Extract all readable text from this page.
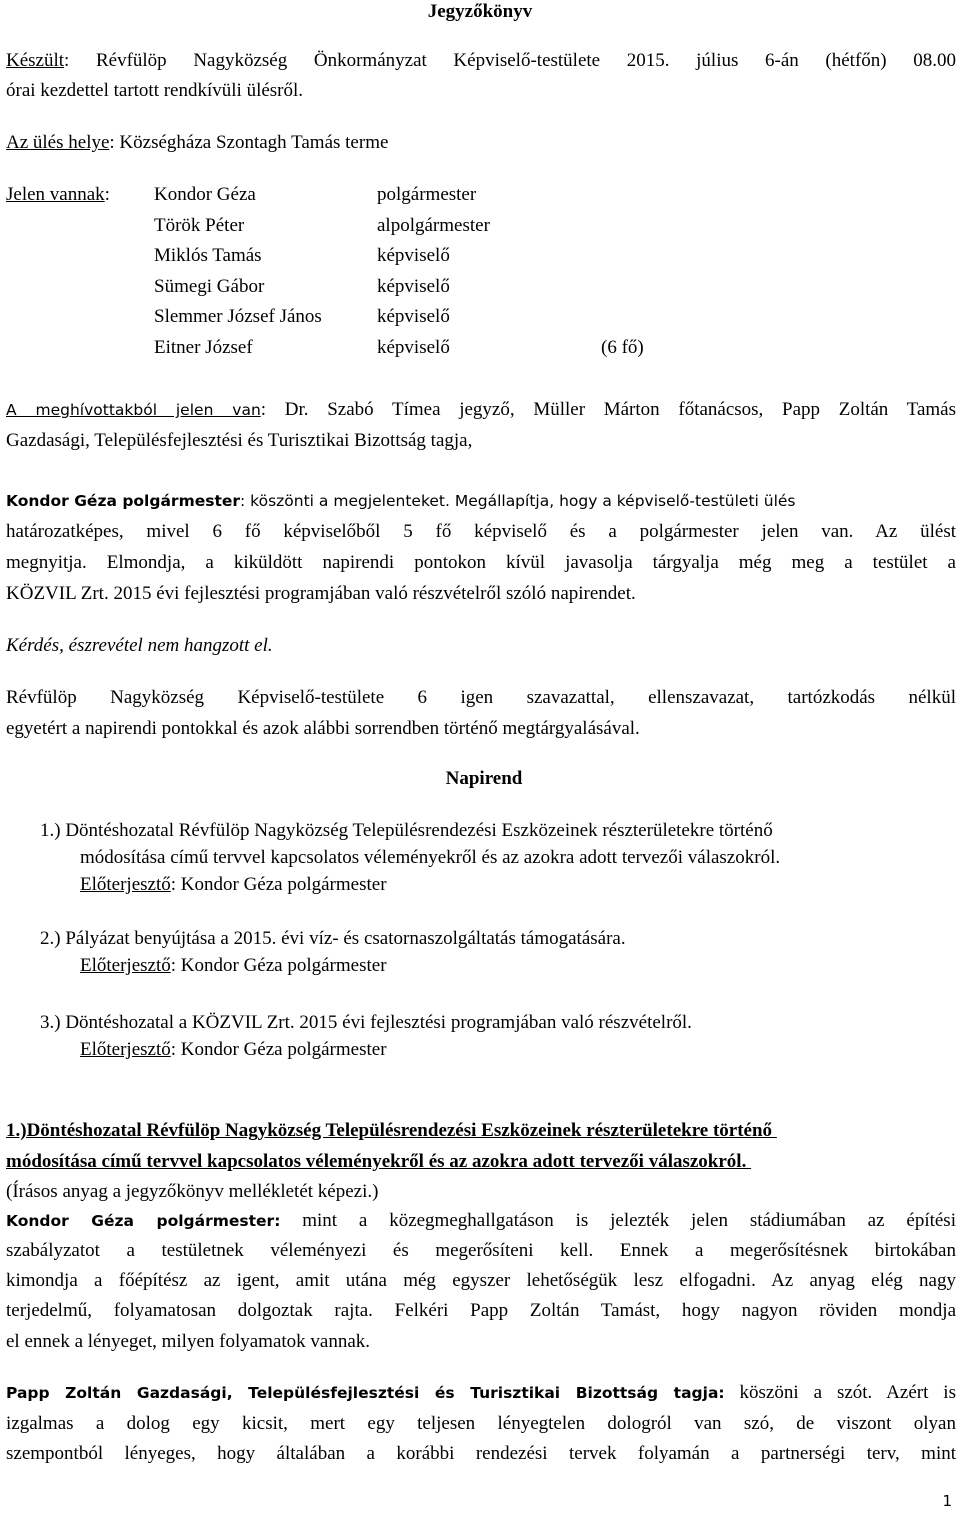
Jegyzőkönyv
Készült: Révfülöp Nagyközség Önkormányzat Képviselő-testülete 2015. július 6-án (hétfőn) 08.00
órai kezdettel tartott rendkívüli ülésről.
Az ülés helye: Községháza Szontagh Tamás terme
Jelen vannak: Kondor Géza	polgármester
Török Péter	alpolgármester
Miklós Tamás	képviselő
Sümegi Gábor	képviselő
Slemmer József János	képviselő
Eitner József	képviselő	(6 fő)
A meghívottakból jelen van: Dr. Szabó Tímea jegyző, Müller Márton főtanácsos, Papp Zoltán Tamás
Gazdasági, Településfejlesztési és Turisztikai Bizottság tagja,
Kondor Géza polgármester: köszönti a megjelenteket. Megállapítja, hogy a képviselő-testületi ülés
határozatképes, mivel 6 fő képviselőből 5 fő képviselő és a polgármester jelen van. Az ülést
megnyitja. Elmondja, a kiküldött napirendi pontokon kívül javasolja tárgyalja még meg a testület a
KÖZVIL Zrt. 2015 évi fejlesztési programjában való részvételről szóló napirendet.
Kérdés, észrevétel nem hangzott el.
Révfülöp Nagyközség Képviselő-testülete 6 igen szavazattal, ellenszavazat, tartózkodás nélkül
egyetért a napirendi pontokkal és azok alábbi sorrendben történő megtárgyalásával.
Napirend
1.) Döntéshozatal Révfülöp Nagyközség Településrendezési Eszközeinek részterületekre történő
módosítása című tervvel kapcsolatos véleményekről és az azokra adott tervezői válaszokról.
Előterjesztő: Kondor Géza polgármester
2.) Pályázat benyújtása a 2015. évi víz- és csatornaszolgáltatás támogatására.
Előterjesztő: Kondor Géza polgármester
3.) Döntéshozatal a KÖZVIL Zrt. 2015 évi fejlesztési programjában való részvételről.
Előterjesztő: Kondor Géza polgármester
1.)Döntéshozatal Révfülöp Nagyközség Településrendezési Eszközeinek részterületekre történő
módosítása című tervvel kapcsolatos véleményekről és az azokra adott tervezői válaszokról.
(Írásos anyag a jegyzőkönyv mellékletét képezi.)
Kondor Géza polgármester: mint a közegmeghallgatáson is jelezték jelen stádiumában az építési
szabályzatot a testületnek véleményezi és megerősíteni kell. Ennek a megerősítésnek birtokában
kimondja a főépítész az igent, amit utána még egyszer lehetőségük lesz elfogadni. Az anyag elég nagy
terjedelmű, folyamatosan dolgoztak rajta. Felkéri Papp Zoltán Tamást, hogy nagyon röviden mondja
el ennek a lényeget, milyen folyamatok vannak.
Papp Zoltán Gazdasági, Településfejlesztési és Turisztikai Bizottság tagja: köszöni a szót. Azért is
izgalmas a dolog egy kicsit, mert egy teljesen lényegtelen dologról van szó, de viszont olyan
szempontból lényeges, hogy általában a korábbi rendezési tervek folyamán a partnerségi terv, mint
1
